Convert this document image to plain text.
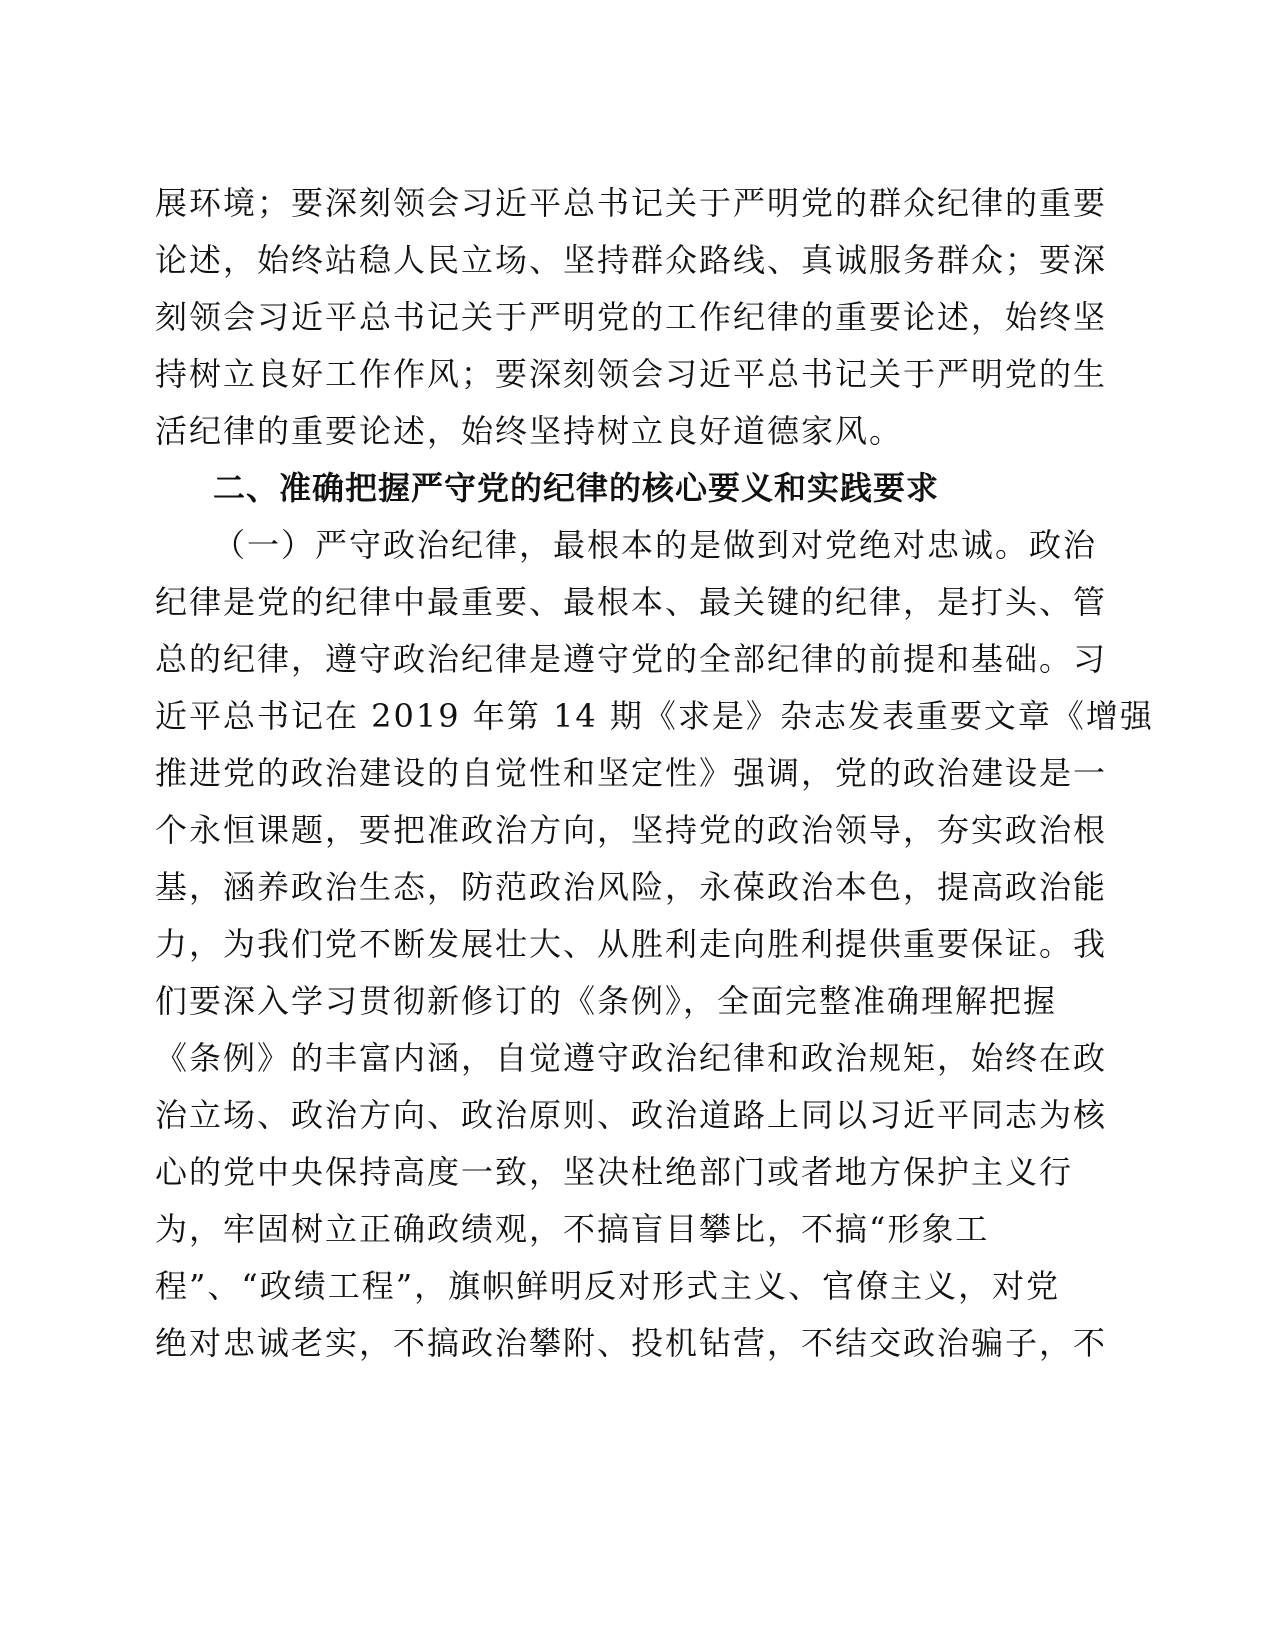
展环境；要深刻领会习近平总书记关于严明党的群众纪律的重要
论述，始终站稳人民立场、坚持群众路线、真诚服务群众；要深
刻领会习近平总书记关于严明党的工作纪律的重要论述，始终坚
持树立良好工作作风；要深刻领会习近平总书记关于严明党的生
活纪律的重要论述，始终坚持树立良好道德家风。
二、准确把握严守党的纪律的核心要义和实践要求
（一）严守政治纪律，最根本的是做到对党绝对忠诚。政治
纪律是党的纪律中最重要、最根本、最关键的纪律，是打头、管
总的纪律，遵守政治纪律是遵守党的全部纪律的前提和基础。习
近平总书记在 2019 年第 14 期《求是》杂志发表重要文章《增强
推进党的政治建设的自觉性和坚定性》强调，党的政治建设是一
个永恒课题，要把准政治方向，坚持党的政治领导，夯实政治根
基，涵养政治生态，防范政治风险，永葆政治本色，提高政治能
力，为我们党不断发展壮大、从胜利走向胜利提供重要保证。我
们要深入学习贯彻新修订的《条例》，全面完整准确理解把握
《条例》的丰富内涵，自觉遵守政治纪律和政治规矩，始终在政
治立场、政治方向、政治原则、政治道路上同以习近平同志为核
心的党中央保持高度一致，坚决杜绝部门或者地方保护主义行
为，牢固树立正确政绩观，不搞盲目攀比，不搞“形象工
程”、“政绩工程”，旗帜鲜明反对形式主义、官僚主义，对党
绝对忠诚老实，不搞政治攀附、投机钻营，不结交政治骗子，不
